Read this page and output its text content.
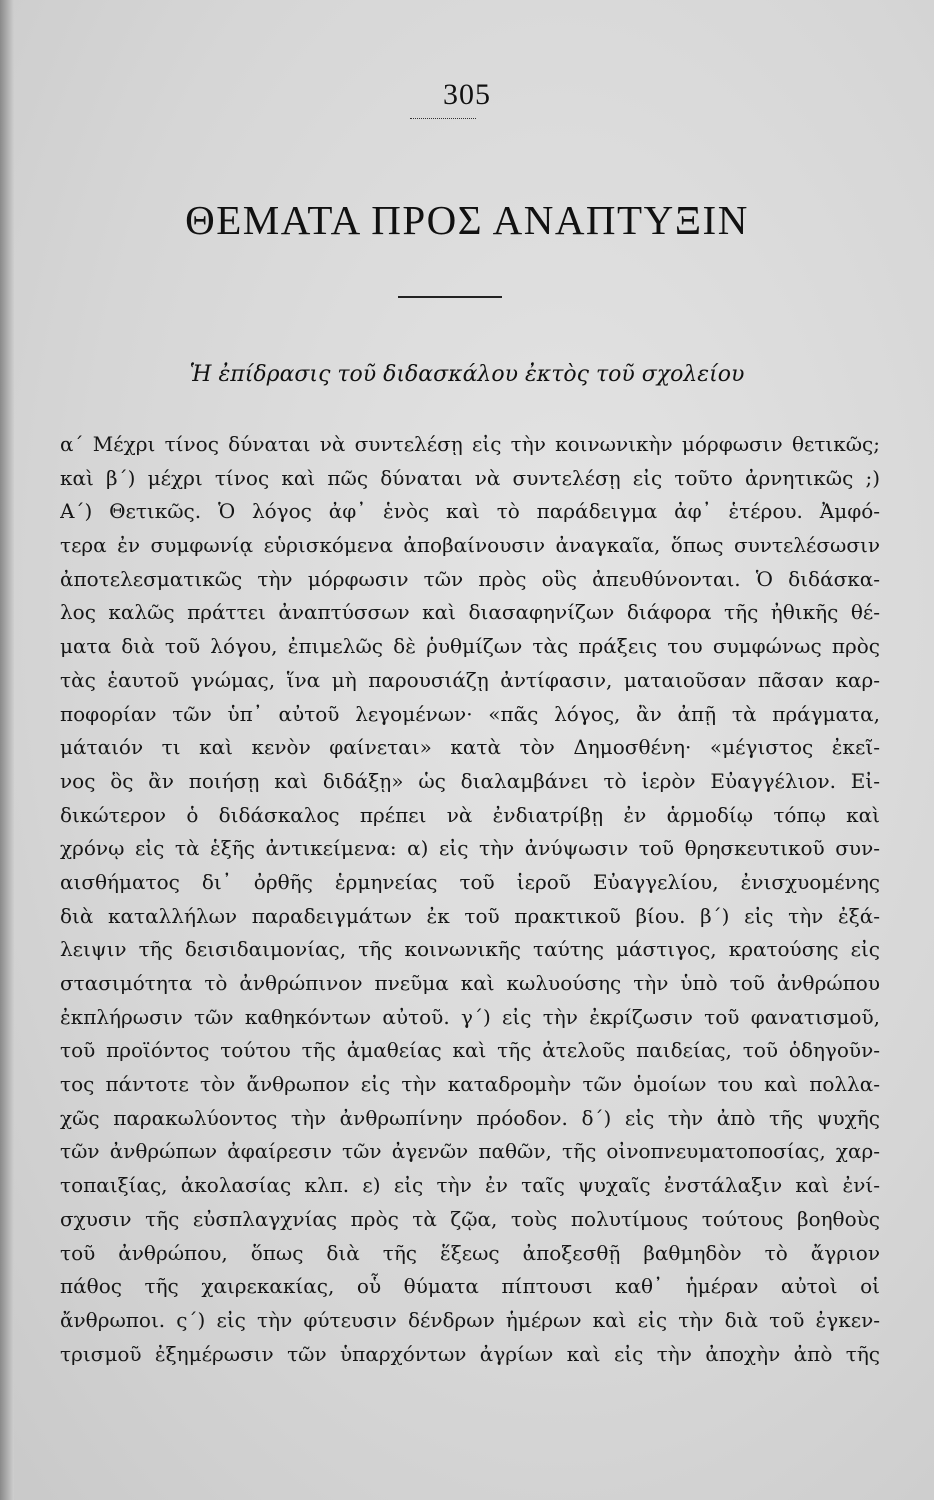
305
ΘΕΜΑΤΑ ΠΡΟΣ ΑΝΑΠΤΥΞΙΝ
Ἡ ἐπίδρασις τοῦ διδασκάλου ἐκτὸς τοῦ σχολείου
α΄ Μέχρι τίνος δύναται νὰ συντελέσῃ εἰς τὴν κοινωνικὴν μόρφωσιν θετικῶς;
καὶ β΄) μέχρι τίνος καὶ πῶς δύναται νὰ συντελέσῃ εἰς τοῦτο ἀρνητικῶς ;)
Α΄) Θετικῶς. Ὁ λόγος ἀφ᾿ ἑνὸς καὶ τὸ παράδειγμα ἀφ᾿ ἑτέρου. Ἀμφό-
τερα ἐν συμφωνίᾳ εὑρισκόμενα ἀποβαίνουσιν ἀναγκαῖα, ὅπως συντελέσωσιν
ἀποτελεσματικῶς τὴν μόρφωσιν τῶν πρὸς οὓς ἀπευθύνονται. Ὁ διδάσκα-
λος καλῶς πράττει ἀναπτύσσων καὶ διασαφηνίζων διάφορα τῆς ἠθικῆς θέ-
ματα διὰ τοῦ λόγου, ἐπιμελῶς δὲ ῥυθμίζων τὰς πράξεις του συμφώνως πρὸς
τὰς ἑαυτοῦ γνώμας, ἵνα μὴ παρουσιάζῃ ἀντίφασιν, ματαιοῦσαν πᾶσαν καρ-
ποφορίαν τῶν ὑπ᾿ αὐτοῦ λεγομένων· «πᾶς λόγος, ἂν ἀπῇ τὰ πράγματα,
μάταιόν τι καὶ κενὸν φαίνεται» κατὰ τὸν Δημοσθένη· «μέγιστος ἐκεῖ-
νος ὃς ἂν ποιήσῃ καὶ διδάξῃ» ὡς διαλαμβάνει τὸ ἱερὸν Εὐαγγέλιον. Εἰ-
δικώτερον ὁ διδάσκαλος πρέπει νὰ ἐνδιατρίβῃ ἐν ἁρμοδίῳ τόπῳ καὶ
χρόνῳ εἰς τὰ ἑξῆς ἀντικείμενα: α) εἰς τὴν ἀνύψωσιν τοῦ θρησκευτικοῦ συν-
αισθήματος δι᾿ ὀρθῆς ἑρμηνείας τοῦ ἱεροῦ Εὐαγγελίου, ἐνισχυομένης
διὰ καταλλήλων παραδειγμάτων ἐκ τοῦ πρακτικοῦ βίου. β΄) εἰς τὴν ἐξά-
λειψιν τῆς δεισιδαιμονίας, τῆς κοινωνικῆς ταύτης μάστιγος, κρατούσης εἰς
στασιμότητα τὸ ἀνθρώπινον πνεῦμα καὶ κωλυούσης τὴν ὑπὸ τοῦ ἀνθρώπου
ἐκπλήρωσιν τῶν καθηκόντων αὐτοῦ. γ΄) εἰς τὴν ἐκρίζωσιν τοῦ φανατισμοῦ,
τοῦ προϊόντος τούτου τῆς ἀμαθείας καὶ τῆς ἀτελοῦς παιδείας, τοῦ ὁδηγοῦν-
τος πάντοτε τὸν ἄνθρωπον εἰς τὴν καταδρομὴν τῶν ὁμοίων του καὶ πολλα-
χῶς παρακωλύοντος τὴν ἀνθρωπίνην πρόοδον. δ΄) εἰς τὴν ἀπὸ τῆς ψυχῆς
τῶν ἀνθρώπων ἀφαίρεσιν τῶν ἀγενῶν παθῶν, τῆς οἰνοπνευματοποσίας, χαρ-
τοπαιξίας, ἀκολασίας κλπ. ε) εἰς τὴν ἐν ταῖς ψυχαῖς ἐνστάλαξιν καὶ ἐνί-
σχυσιν τῆς εὐσπλαγχνίας πρὸς τὰ ζῷα, τοὺς πολυτίμους τούτους βοηθοὺς
τοῦ ἀνθρώπου, ὅπως διὰ τῆς ἕξεως ἀποξεσθῇ βαθμηδὸν τὸ ἄγριον
πάθος τῆς χαιρεκακίας, οὗ θύματα πίπτουσι καθ᾿ ἡμέραν αὐτοὶ οἱ
ἄνθρωποι. ς΄) εἰς τὴν φύτευσιν δένδρων ἡμέρων καὶ εἰς τὴν διὰ τοῦ ἐγκεν-
τρισμοῦ ἐξημέρωσιν τῶν ὑπαρχόντων ἀγρίων καὶ εἰς τὴν ἀποχὴν ἀπὸ τῆς
